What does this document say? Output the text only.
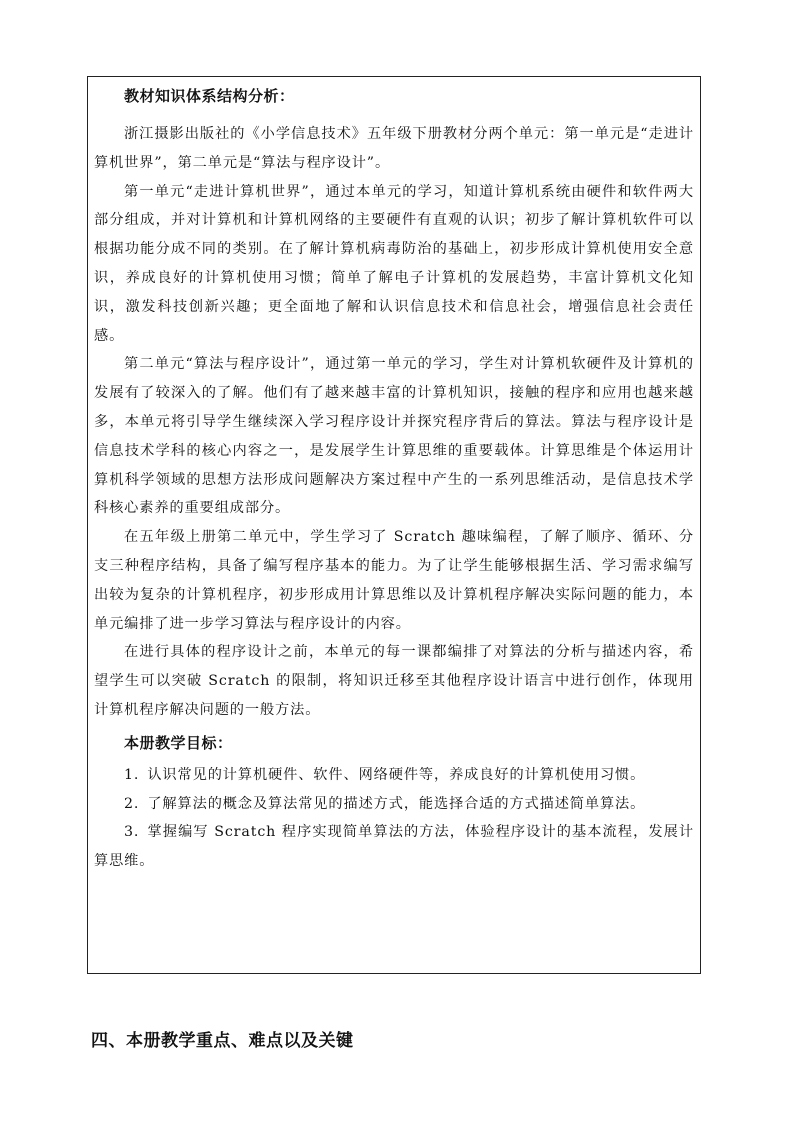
教材知识体系结构分析：

浙江摄影出版社的《小学信息技术》五年级下册教材分两个单元：第一单元是“走进计算机世界”，第二单元是“算法与程序设计”。

第一单元“走进计算机世界”，通过本单元的学习，知道计算机系统由硬件和软件两大部分组成，并对计算机和计算机网络的主要硬件有直观的认识；初步了解计算机软件可以根据功能分成不同的类别。在了解计算机病毒防治的基础上，初步形成计算机使用安全意识，养成良好的计算机使用习惯；简单了解电子计算机的发展趋势，丰富计算机文化知识，激发科技创新兴趣；更全面地了解和认识信息技术和信息社会，增强信息社会责任感。

第二单元“算法与程序设计”，通过第一单元的学习，学生对计算机软硬件及计算机的发展有了较深入的了解。他们有了越来越丰富的计算机知识，接触的程序和应用也越来越多，本单元将引导学生继续深入学习程序设计并探究程序背后的算法。算法与程序设计是信息技术学科的核心内容之一，是发展学生计算思维的重要载体。计算思维是个体运用计算机科学领域的思想方法形成问题解决方案过程中产生的一系列思维活动，是信息技术学科核心素养的重要组成部分。

在五年级上册第二单元中，学生学习了 Scratch 趣味编程，了解了顺序、循环、分支三种程序结构，具备了编写程序基本的能力。为了让学生能够根据生活、学习需求编写出较为复杂的计算机程序，初步形成用计算思维以及计算机程序解决实际问题的能力，本单元编排了进一步学习算法与程序设计的内容。

在进行具体的程序设计之前，本单元的每一课都编排了对算法的分析与描述内容，希望学生可以突破 Scratch 的限制，将知识迁移至其他程序设计语言中进行创作，体现用计算机程序解决问题的一般方法。

本册教学目标：

1. 认识常见的计算机硬件、软件、网络硬件等，养成良好的计算机使用习惯。

2. 了解算法的概念及算法常见的描述方式，能选择合适的方式描述简单算法。

3. 掌握编写 Scratch 程序实现简单算法的方法，体验程序设计的基本流程，发展计算思维。

四、本册教学重点、难点以及关键
